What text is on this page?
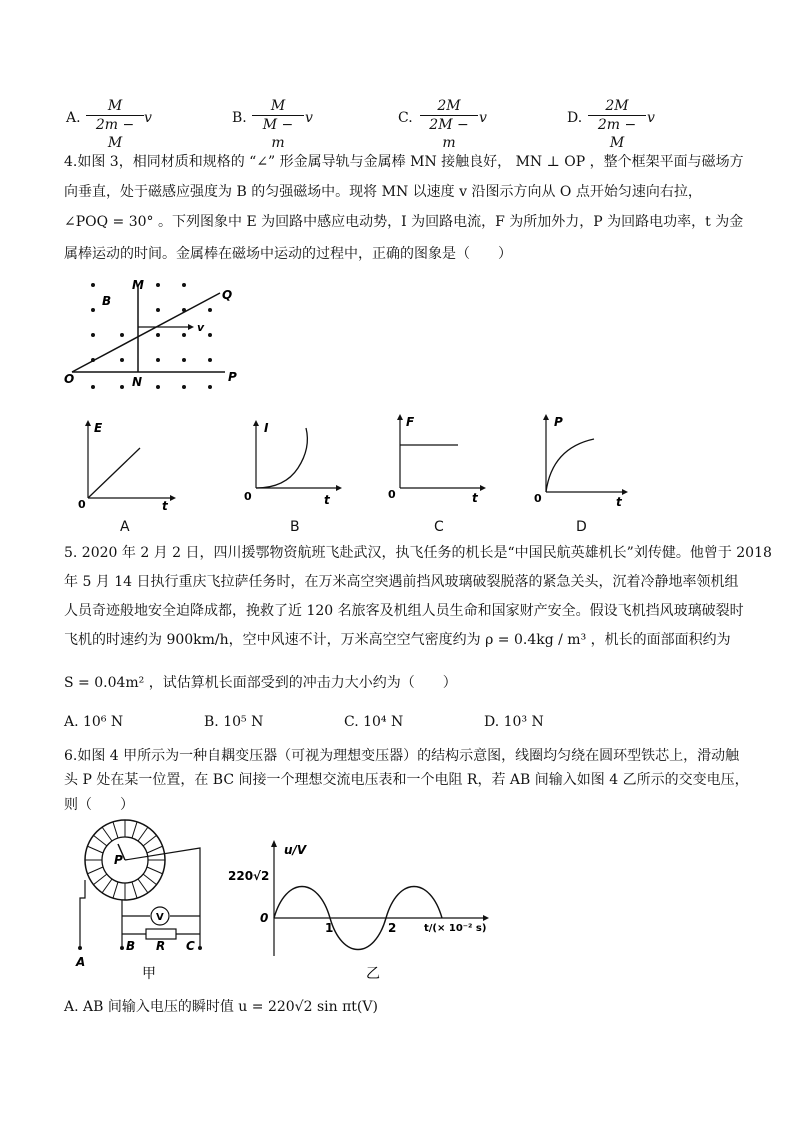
A. $\frac{M}{2m - M}$ v	B. $\frac{M}{M - m}$ v	C. $\frac{2M}{2M - m}$ v	D. $\frac{2M}{2m - M}$ v
4.如图 3，相同材质和规格的 “∠” 形金属导轨与金属棒 MN 接触良好， MN ⊥ OP ，整个框架平面与磁场方
向垂直，处于磁感应强度为 B 的匀强磁场中。现将 MN 以速度 v 沿图示方向从 O 点开始匀速向右拉，
∠POQ = 30° 。下列图象中 E 为回路中感应电动势，I 为回路电流，F 为所加外力，P 为回路电功率，t 为金
属棒运动的时间。金属棒在磁场中运动的过程中，正确的图象是（　　）
B
M
Q
v
O	N	P
E
t
0
A
I
t
0
B
F
t
0
C
P
t
0
D
5. 2020 年 2 月 2 日，四川援鄂物资航班飞赴武汉，执飞任务的机长是“中国民航英雄机长”刘传健。他曾于 2018
年 5 月 14 日执行重庆飞拉萨任务时，在万米高空突遇前挡风玻璃破裂脱落的紧急关头，沉着冷静地率领机组
人员奇迹般地安全迫降成都，挽救了近 120 名旅客及机组人员生命和国家财产安全。假设飞机挡风玻璃破裂时
飞机的时速约为 900km/h，空中风速不计，万米高空空气密度约为 ρ = 0.4kg / m³ ，机长的面部面积约为
S = 0.04m² ，试估算机长面部受到的冲击力大小约为（　　）
A. 10⁶ N	B. 10⁵ N	C. 10⁴ N	D. 10³ N
6.如图 4 甲所示为一种自耦变压器（可视为理想变压器）的结构示意图，线圈均匀绕在圆环型铁芯上，滑动触
头 P 处在某一位置，在 BC 间接一个理想交流电压表和一个电阻 R，若 AB 间输入如图 4 乙所示的交变电压，
则（　　）
P
V
A
B R C
甲
u/V
220√2
0
1	2	t/(× 10⁻² s)
乙
A. AB 间输入电压的瞬时值 u = 220√2 sin πt(V)
